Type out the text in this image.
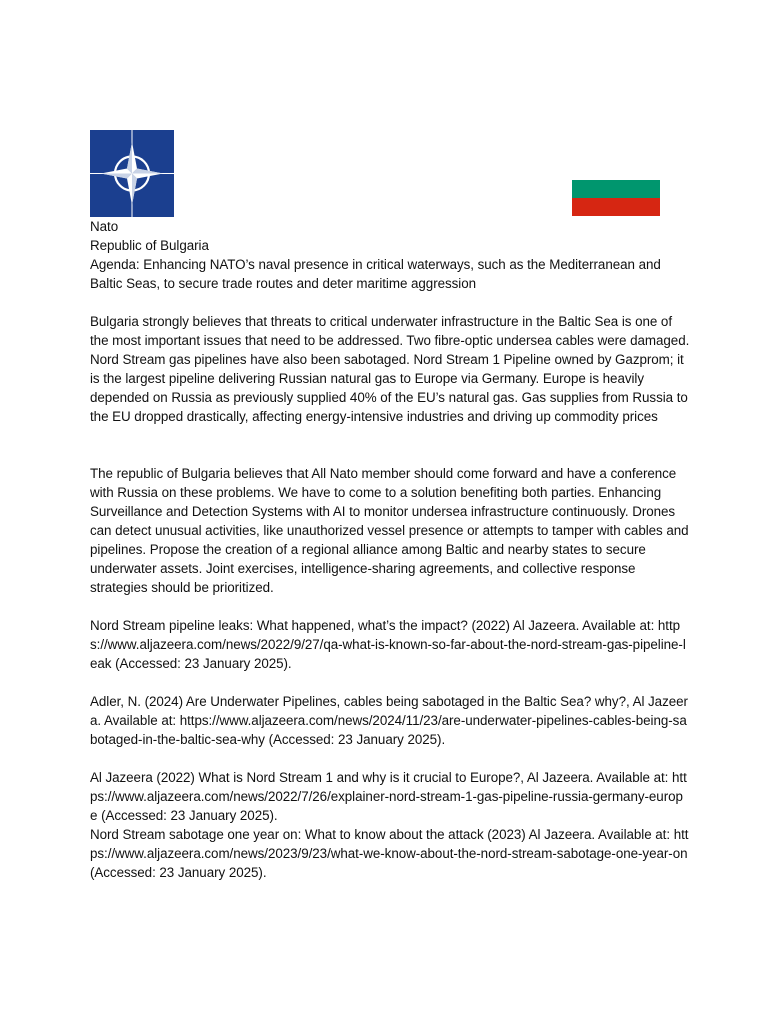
Nato

Republic of Bulgaria

Agenda: Enhancing NATO’s naval presence in critical waterways, such as the Mediterranean and Baltic Seas, to secure trade routes and deter maritime aggression

Bulgaria strongly believes that threats to critical underwater infrastructure in the Baltic Sea is one of the most important issues that need to be addressed. Two fibre-optic undersea cables were damaged. Nord Stream gas pipelines have also been sabotaged. Nord Stream 1 Pipeline owned by Gazprom; it is the largest pipeline delivering Russian natural gas to Europe via Germany. Europe is heavily depended on Russia as previously supplied 40% of the EU’s natural gas. Gas supplies from Russia to the EU dropped drastically, affecting energy-intensive industries and driving up commodity prices

The republic of Bulgaria believes that All Nato member should come forward and have a conference with Russia on these problems. We have to come to a solution benefiting both parties. Enhancing Surveillance and Detection Systems with AI to monitor undersea infrastructure continuously. Drones can detect unusual activities, like unauthorized vessel presence or attempts to tamper with cables and pipelines. Propose the creation of a regional alliance among Baltic and nearby states to secure underwater assets. Joint exercises, intelligence-sharing agreements, and collective response strategies should be prioritized.

Nord Stream pipeline leaks: What happened, what’s the impact? (2022) Al Jazeera. Available at: https://www.aljazeera.com/news/2022/9/27/qa-what-is-known-so-far-about-the-nord-stream-gas-pipeline-leak (Accessed: 23 January 2025).

Adler, N. (2024) Are Underwater Pipelines, cables being sabotaged in the Baltic Sea? why?, Al Jazeera. Available at: https://www.aljazeera.com/news/2024/11/23/are-underwater-pipelines-cables-being-sabotaged-in-the-baltic-sea-why (Accessed: 23 January 2025).

Al Jazeera (2022) What is Nord Stream 1 and why is it crucial to Europe?, Al Jazeera. Available at: https://www.aljazeera.com/news/2022/7/26/explainer-nord-stream-1-gas-pipeline-russia-germany-europe (Accessed: 23 January 2025).

Nord Stream sabotage one year on: What to know about the attack (2023) Al Jazeera. Available at: https://www.aljazeera.com/news/2023/9/23/what-we-know-about-the-nord-stream-sabotage-one-year-on (Accessed: 23 January 2025).
